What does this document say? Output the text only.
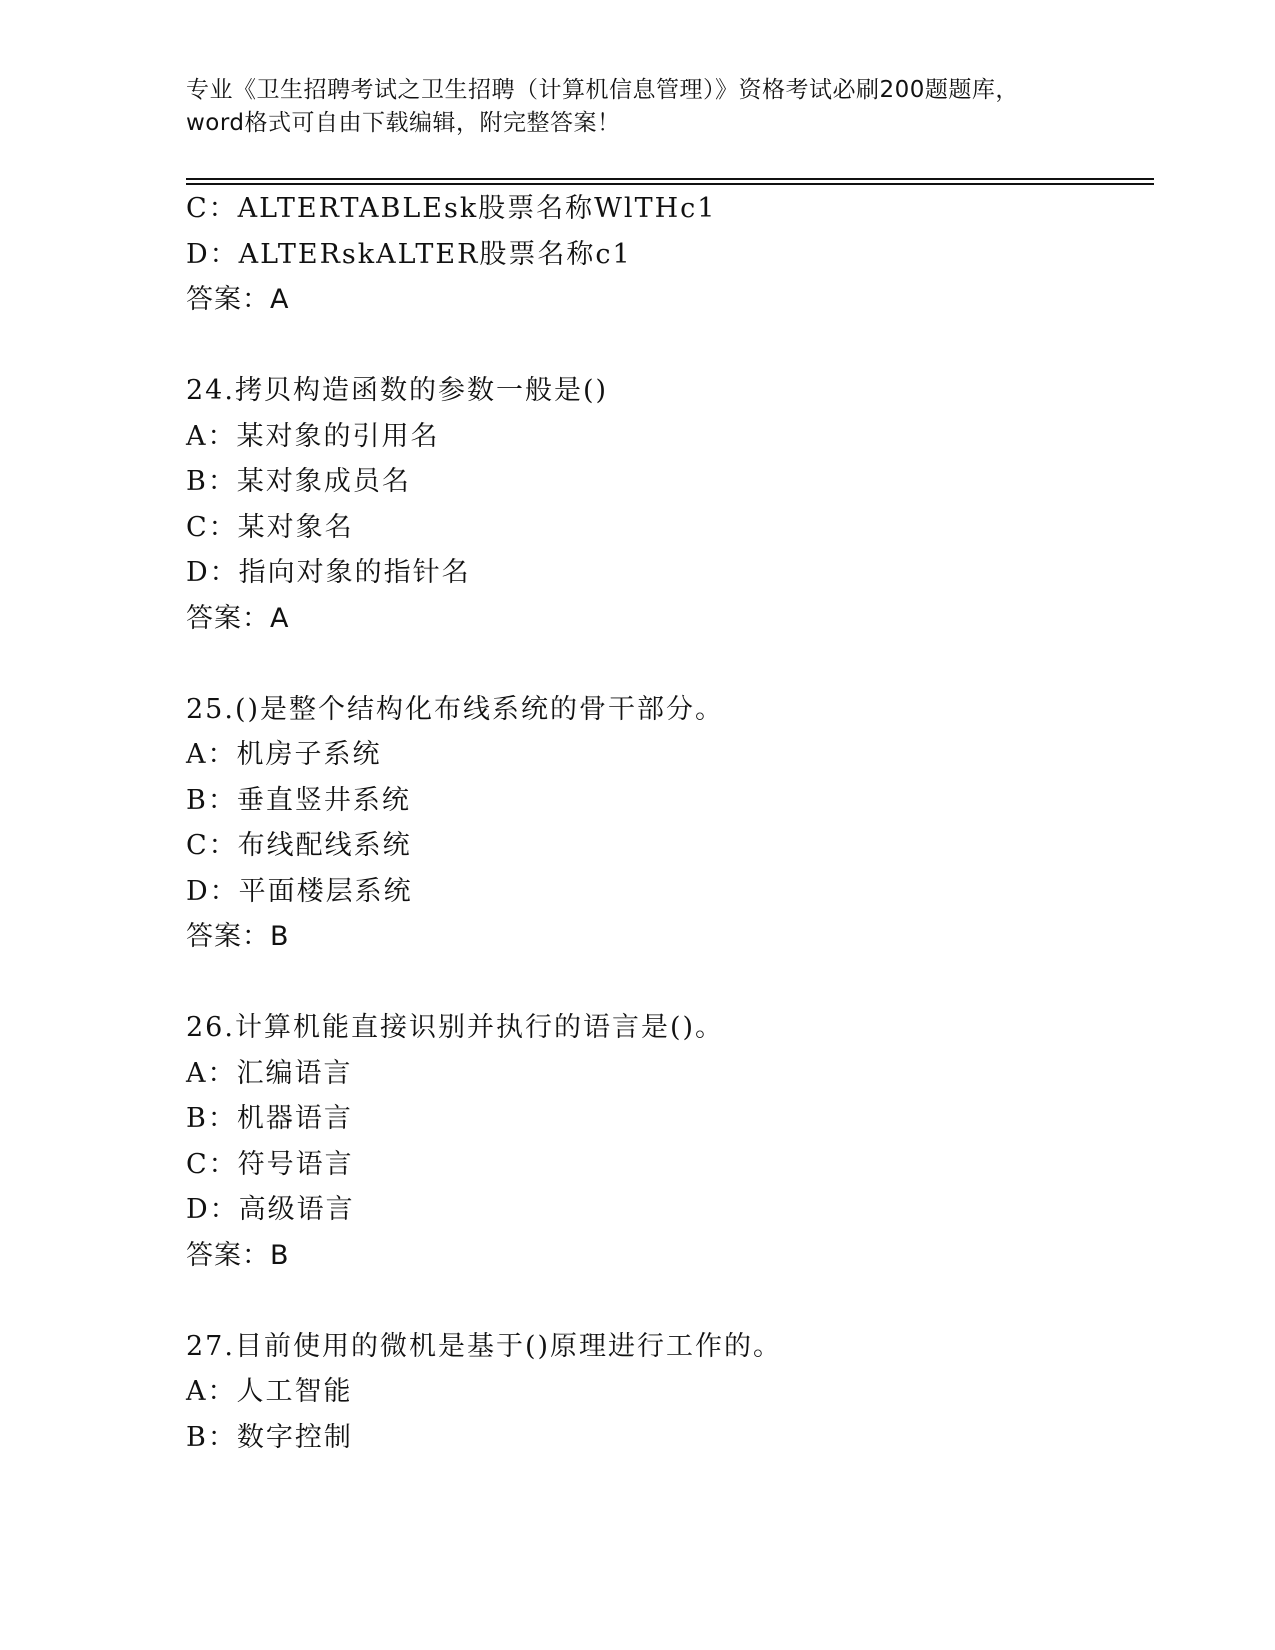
专业《卫生招聘考试之卫生招聘（计算机信息管理）》资格考试必刷200题题库，
word格式可自由下载编辑，附完整答案！
C：ALTERTABLEsk股票名称WlTHc1
D：ALTERskALTER股票名称c1
答案：A
24.拷贝构造函数的参数一般是()
A：某对象的引用名
B：某对象成员名
C：某对象名
D：指向对象的指针名
答案：A
25.()是整个结构化布线系统的骨干部分。
A：机房子系统
B：垂直竖井系统
C：布线配线系统
D：平面楼层系统
答案：B
26.计算机能直接识别并执行的语言是()。
A：汇编语言
B：机器语言
C：符号语言
D：高级语言
答案：B
27.目前使用的微机是基于()原理进行工作的。
A：人工智能
B：数字控制
